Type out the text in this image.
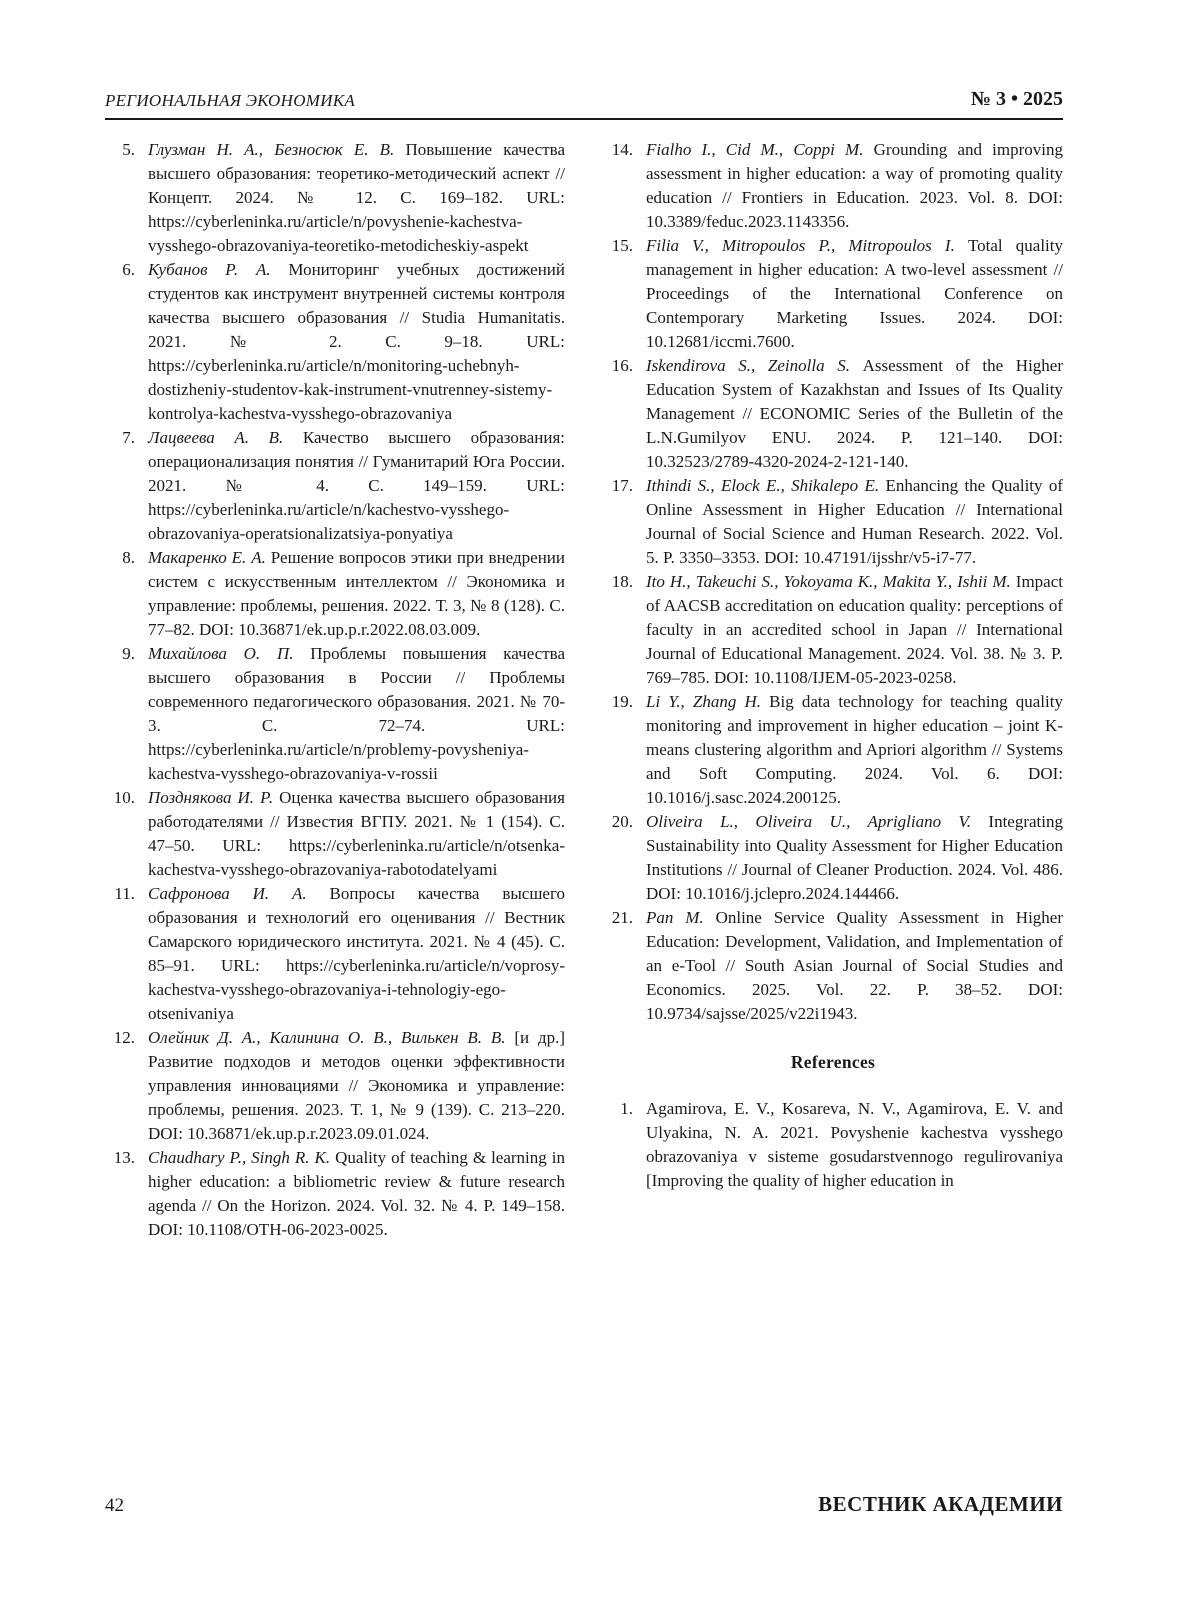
РЕГИОНАЛЬНАЯ ЭКОНОМИКА	№ 3 • 2025
5. Глузман Н. А., Безносюк Е. В. Повышение качества высшего образования: теоретико-методический аспект // Концепт. 2024. № 12. С. 169–182. URL: https://cyberleninka.ru/article/n/povyshenie-kachestva-vysshego-obrazovaniya-teoretiko-metodicheskiy-aspekt
6. Кубанов Р. А. Мониторинг учебных достижений студентов как инструмент внутренней системы контроля качества высшего образования // Studia Humanitatis. 2021. № 2. С. 9–18. URL: https://cyberleninka.ru/article/n/monitoring-uchebnyh-dostizheniy-studentov-kak-instrument-vnutrenney-sistemy-kontrolya-kachestva-vysshego-obrazovaniya
7. Лацвеева А. В. Качество высшего образования: операционализация понятия // Гуманитарий Юга России. 2021. № 4. С. 149–159. URL: https://cyberleninka.ru/article/n/kachestvo-vysshego-obrazovaniya-operatsionalizatsiya-ponyatiya
8. Макаренко Е. А. Решение вопросов этики при внедрении систем с искусственным интеллектом // Экономика и управление: проблемы, решения. 2022. Т. 3, № 8 (128). С. 77–82. DOI: 10.36871/ek.up.p.r.2022.08.03.009.
9. Михайлова О. П. Проблемы повышения качества высшего образования в России // Проблемы современного педагогического образования. 2021. № 70-3. С. 72–74. URL: https://cyberleninka.ru/article/n/problemy-povysheniya-kachestva-vysshego-obrazovaniya-v-rossii
10. Позднякова И. Р. Оценка качества высшего образования работодателями // Известия ВГПУ. 2021. № 1 (154). С. 47–50. URL: https://cyberleninka.ru/article/n/otsenka-kachestva-vysshego-obrazovaniya-rabotodatelyami
11. Сафронова И. А. Вопросы качества высшего образования и технологий его оценивания // Вестник Самарского юридического института. 2021. № 4 (45). С. 85–91. URL: https://cyberleninka.ru/article/n/voprosy-kachestva-vysshego-obrazovaniya-i-tehnologiy-ego-otsenivaniya
12. Олейник Д. А., Калинина О. В., Вилькен В. В. [и др.] Развитие подходов и методов оценки эффективности управления инновациями // Экономика и управление: проблемы, решения. 2023. Т. 1, № 9 (139). С. 213–220. DOI: 10.36871/ek.up.p.r.2023.09.01.024.
13. Chaudhary P., Singh R. K. Quality of teaching & learning in higher education: a bibliometric review & future research agenda // On the Horizon. 2024. Vol. 32. № 4. P. 149–158. DOI: 10.1108/OTH-06-2023-0025.
14. Fialho I., Cid M., Coppi M. Grounding and improving assessment in higher education: a way of promoting quality education // Frontiers in Education. 2023. Vol. 8. DOI: 10.3389/feduc.2023.1143356.
15. Filia V., Mitropoulos P., Mitropoulos I. Total quality management in higher education: A two-level assessment // Proceedings of the International Conference on Contemporary Marketing Issues. 2024. DOI: 10.12681/iccmi.7600.
16. Iskendirova S., Zeinolla S. Assessment of the Higher Education System of Kazakhstan and Issues of Its Quality Management // ECONOMIC Series of the Bulletin of the L.N.Gumilyov ENU. 2024. P. 121–140. DOI: 10.32523/2789-4320-2024-2-121-140.
17. Ithindi S., Elock E., Shikalepo E. Enhancing the Quality of Online Assessment in Higher Education // International Journal of Social Science and Human Research. 2022. Vol. 5. P. 3350–3353. DOI: 10.47191/ijsshr/v5-i7-77.
18. Ito H., Takeuchi S., Yokoyama K., Makita Y., Ishii M. Impact of AACSB accreditation on education quality: perceptions of faculty in an accredited school in Japan // International Journal of Educational Management. 2024. Vol. 38. № 3. P. 769–785. DOI: 10.1108/IJEM-05-2023-0258.
19. Li Y., Zhang H. Big data technology for teaching quality monitoring and improvement in higher education – joint K-means clustering algorithm and Apriori algorithm // Systems and Soft Computing. 2024. Vol. 6. DOI: 10.1016/j.sasc.2024.200125.
20. Oliveira L., Oliveira U., Aprigliano V. Integrating Sustainability into Quality Assessment for Higher Education Institutions // Journal of Cleaner Production. 2024. Vol. 486. DOI: 10.1016/j.jclepro.2024.144466.
21. Pan M. Online Service Quality Assessment in Higher Education: Development, Validation, and Implementation of an e-Tool // South Asian Journal of Social Studies and Economics. 2025. Vol. 22. P. 38–52. DOI: 10.9734/sajsse/2025/v22i1943.
References
1. Agamirova, E. V., Kosareva, N. V., Agamirova, E. V. and Ulyakina, N. A. 2021. Povyshenie kachestva vysshego obrazovaniya v sisteme gosudarstvennogo regulirovaniya [Improving the quality of higher education in
42	ВЕСТНИК АКАДЕМИИ
